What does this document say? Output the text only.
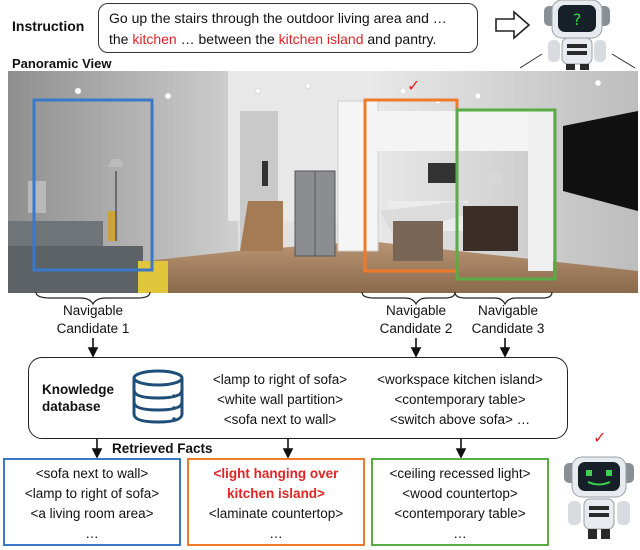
Instruction Go up the stairs through the outdoor living area and …
the kitchen … between the kitchen island and pantry.
?
Panoramic View
✓
Navigable
Candidate 1
Navigable
Candidate 2
Navigable
Candidate 3
Knowledge
database
<lamp to right of sofa>
<white wall partition>
<sofa next to wall>
<workspace kitchen island>
<contemporary table>
<switch above sofa> …
Retrieved Facts
<sofa next to wall>
<lamp to right of sofa>
<a living room area>
…
<light hanging over
kitchen island>
<laminate countertop>
…
<ceiling recessed light>
<wood countertop>
<contemporary table>
…
✓
